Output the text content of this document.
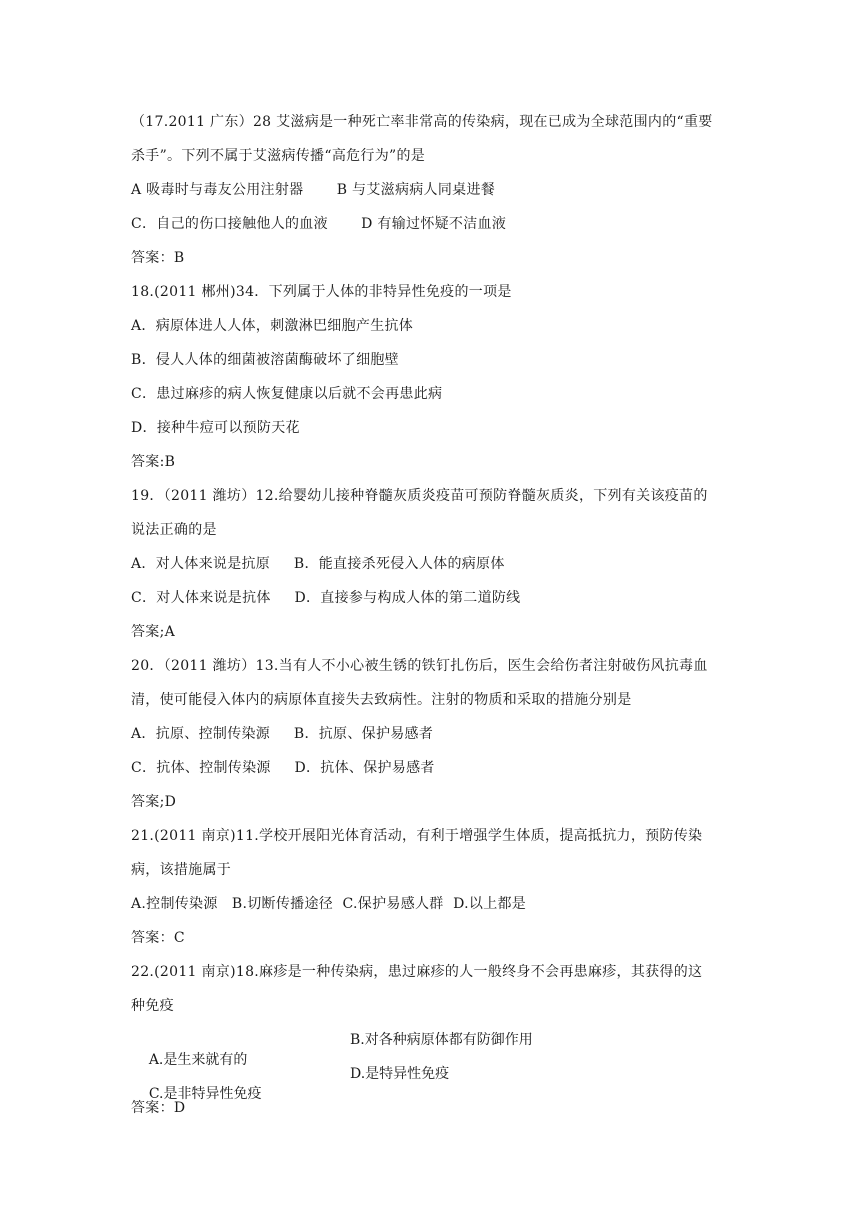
（17.2011 广东）28 艾滋病是一种死亡率非常高的传染病，现在已成为全球范围内的“重要
杀手”。下列不属于艾滋病传播“高危行为”的是
A 吸毒时与毒友公用注射器       B 与艾滋病病人同桌进餐
C．自己的伤口接触他人的血液       D 有输过怀疑不洁血液
答案：B
18.(2011 郴州)34．下列属于人体的非特异性免疫的一项是
A．病原体进人人体，刺激淋巴细胞产生抗体
B．侵人人体的细菌被溶菌酶破坏了细胞壁
C．患过麻疹的病人恢复健康以后就不会再患此病
D．接种牛痘可以预防天花
答案:B
19．（2011 潍坊）12.给婴幼儿接种脊髓灰质炎疫苗可预防脊髓灰质炎，下列有关该疫苗的
说法正确的是
A．对人体来说是抗原     B．能直接杀死侵入人体的病原体
C．对人体来说是抗体     D．直接参与构成人体的第二道防线
答案;A
20．（2011 潍坊）13.当有人不小心被生锈的铁钉扎伤后，医生会给伤者注射破伤风抗毒血
清，使可能侵入体内的病原体直接失去致病性。注射的物质和采取的措施分别是
A．抗原、控制传染源     B．抗原、保护易感者
C．抗体、控制传染源     D．抗体、保护易感者
答案;D
21.(2011 南京)11.学校开展阳光体育活动，有利于增强学生体质，提高抵抗力，预防传染
病，该措施属于
A.控制传染源   B.切断传播途径  C.保护易感人群  D.以上都是
答案：C
22.(2011 南京)18.麻疹是一种传染病，患过麻疹的人一般终身不会再患麻疹，其获得的这
种免疫

A.是生来就有的

B.对各种病原体都有防御作用

C.是非特异性免疫

D.是特异性免疫

答案：D
